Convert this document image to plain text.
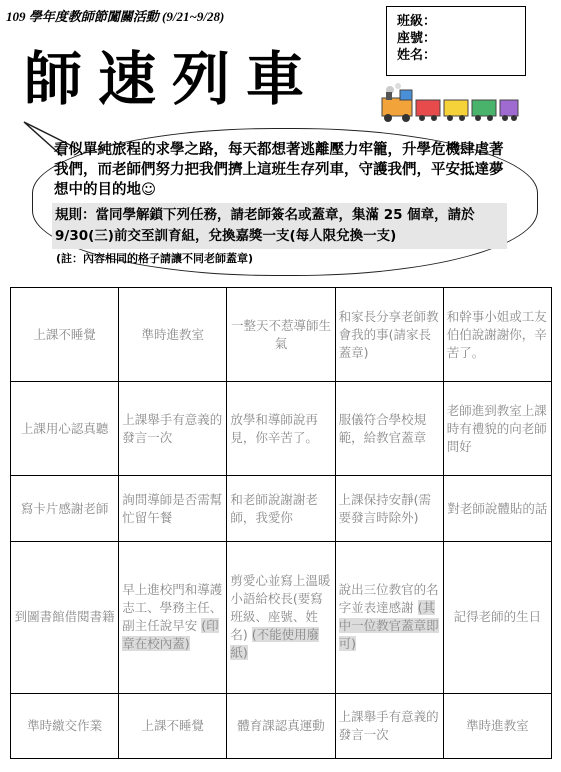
109 學年度教師節闖關活動 (9/21~9/28)	班級：
座號：
姓名：
師速列車
看似單純旅程的求學之路，每天都想著逃離壓力牢籠，升學危機肆虐著我們，而老師們努力把我們擠上這班生存列車，守護我們，平安抵達夢想中的目的地☺
規則：當同學解鎖下列任務，請老師簽名或蓋章，集滿 25 個章，請於 9/30(三)前交至訓育組，兌換嘉獎一支(每人限兌換一支)
(註：內容相同的格子請讓不同老師蓋章)
上課不睡覺	準時進教室	一整天不惹導師生氣	和家長分享老師教會我的事(請家長蓋章)	和幹事小姐或工友伯伯說謝謝你，辛苦了。
上課用心認真聽	上課舉手有意義的發言一次	放學和導師說再見，你辛苦了。	服儀符合學校規範，給教官蓋章	老師進到教室上課時有禮貌的向老師問好
寫卡片感謝老師	詢問導師是否需幫忙留午餐	和老師說謝謝老師，我愛你	上課保持安靜(需要發言時除外)	對老師說體貼的話
到圖書館借閱書籍	早上進校門和導護志工、學務主任、副主任說早安 (印章在校內蓋)	剪愛心並寫上溫暖小語給校長(要寫班級、座號、姓名) (不能使用廢紙)	說出三位教官的名字並表達感謝 (其中一位教官蓋章即可)	記得老師的生日
準時繳交作業	上課不睡覺	體育課認真運動	上課舉手有意義的發言一次	準時進教室
